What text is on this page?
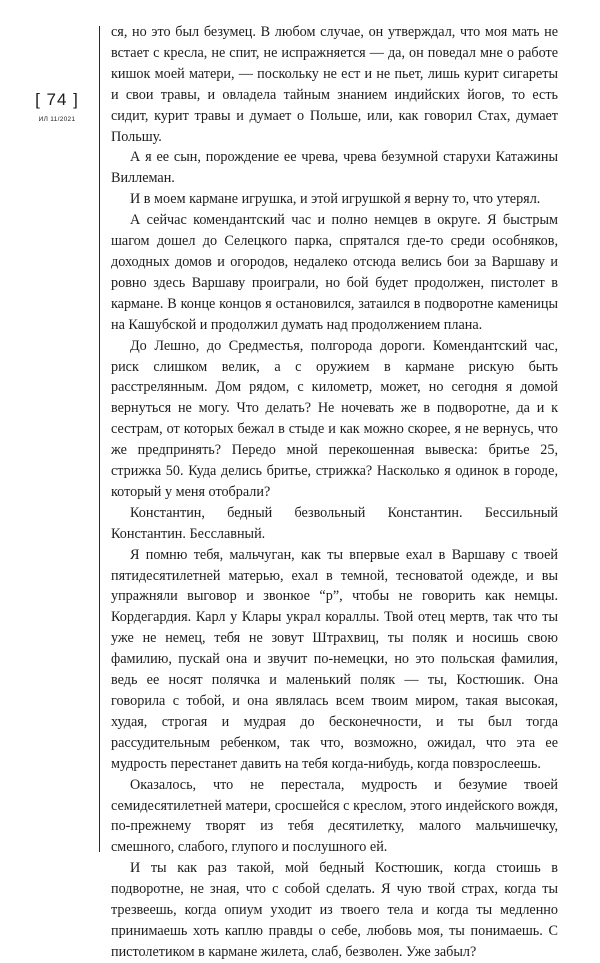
[ 74 ]
ИЛ 11/2021

ся, но это был безумец. В любом случае, он утверждал, что моя мать не встает с кресла, не спит, не испражняется — да, он поведал мне о работе кишок моей матери, — поскольку не ест и не пьет, лишь курит сигареты и свои травы, и овладела тайным знанием индийских йогов, то есть сидит, курит травы и думает о Польше, или, как говорил Стах, думает Польшу.

А я ее сын, порождение ее чрева, чрева безумной старухи Катажины Виллеман.

И в моем кармане игрушка, и этой игрушкой я верну то, что утерял.

А сейчас комендантский час и полно немцев в округе. Я быстрым шагом дошел до Селецкого парка, спрятался где-то среди особняков, доходных домов и огородов, недалеко отсюда велись бои за Варшаву и ровно здесь Варшаву проиграли, но бой будет продолжен, пистолет в кармане. В конце концов я остановился, затаился в подворотне каменицы на Кашубской и продолжил думать над продолжением плана.

До Лешно, до Средместья, полгорода дороги. Комендантский час, риск слишком велик, а с оружием в кармане рискую быть расстрелянным. Дом рядом, с километр, может, но сегодня я домой вернуться не могу. Что делать? Не ночевать же в подворотне, да и к сестрам, от которых бежал в стыде и как можно скорее, я не вернусь, что же предпринять? Передо мной перекошенная вывеска: бритье 25, стрижка 50. Куда делись бритье, стрижка? Насколько я одинок в городе, который у меня отобрали?

Константин, бедный безвольный Константин. Бессильный Константин. Бесславный.

Я помню тебя, мальчуган, как ты впервые ехал в Варшаву с твоей пятидесятилетней матерью, ехал в темной, тесноватой одежде, и вы упражняли выговор и звонкое “р”, чтобы не говорить как немцы. Кордегардия. Карл у Клары украл кораллы. Твой отец мертв, так что ты уже не немец, тебя не зовут Штрахвиц, ты поляк и носишь свою фамилию, пускай она и звучит по-немецки, но это польская фамилия, ведь ее носят полячка и маленький поляк — ты, Костюшик. Она говорила с тобой, и она являлась всем твоим миром, такая высокая, худая, строгая и мудрая до бесконечности, и ты был тогда рассудительным ребенком, так что, возможно, ожидал, что эта ее мудрость перестанет давить на тебя когда-нибудь, когда повзрослеешь.

Оказалось, что не перестала, мудрость и безумие твоей семидесятилетней матери, сросшейся с креслом, этого индейского вождя, по-прежнему творят из тебя десятилетку, малого мальчишечку, смешного, слабого, глупого и послушного ей.

И ты как раз такой, мой бедный Костюшик, когда стоишь в подворотне, не зная, что с собой сделать. Я чую твой страх, когда ты трезвеешь, когда опиум уходит из твоего тела и когда ты медленно принимаешь хоть каплю правды о себе, любовь моя, ты понимаешь. С пистолетиком в кармане жилета, слаб, безволен. Уже забыл?
